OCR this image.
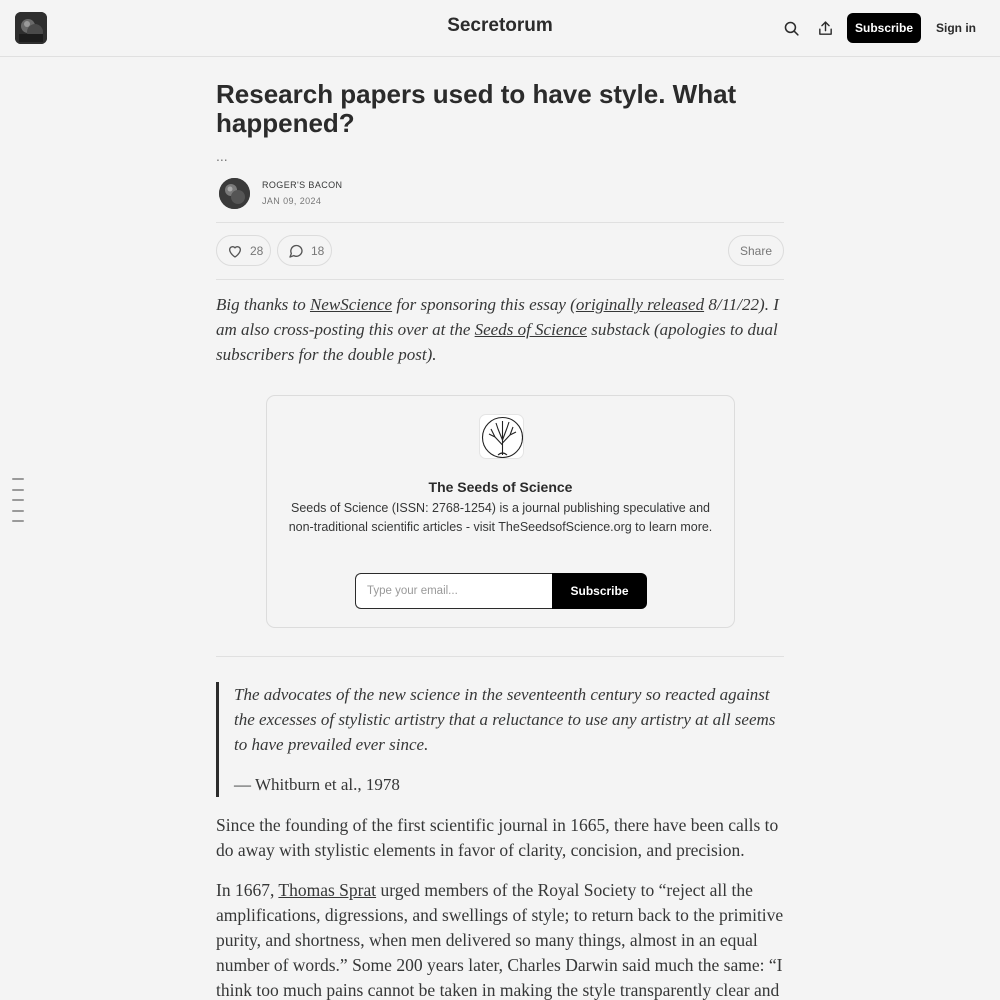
Secretorum	Subscribe	Sign in
Research papers used to have style. What happened?
...
ROGER'S BACON
JAN 09, 2024
28	18	Share

Big thanks to NewScience for sponsoring this essay (originally released 8/11/22). I am also cross-posting this over at the Seeds of Science substack (apologies to dual subscribers for the double post).

The Seeds of Science
Seeds of Science (ISSN: 2768-1254) is a journal publishing speculative and non-traditional scientific articles - visit TheSeedsofScience.org to learn more.
Type your email...	Subscribe

The advocates of the new science in the seventeenth century so reacted against the excesses of stylistic artistry that a reluctance to use any artistry at all seems to have prevailed ever since.

— Whitburn et al., 1978

Since the founding of the first scientific journal in 1665, there have been calls to do away with stylistic elements in favor of clarity, concision, and precision.

In 1667, Thomas Sprat urged members of the Royal Society to “reject all the amplifications, digressions, and swellings of style; to return back to the primitive purity, and shortness, when men delivered so many things, almost in an equal number of words.” Some 200 years later, Charles Darwin said much the same: “I think too much pains cannot be taken in making the style transparently clear and
